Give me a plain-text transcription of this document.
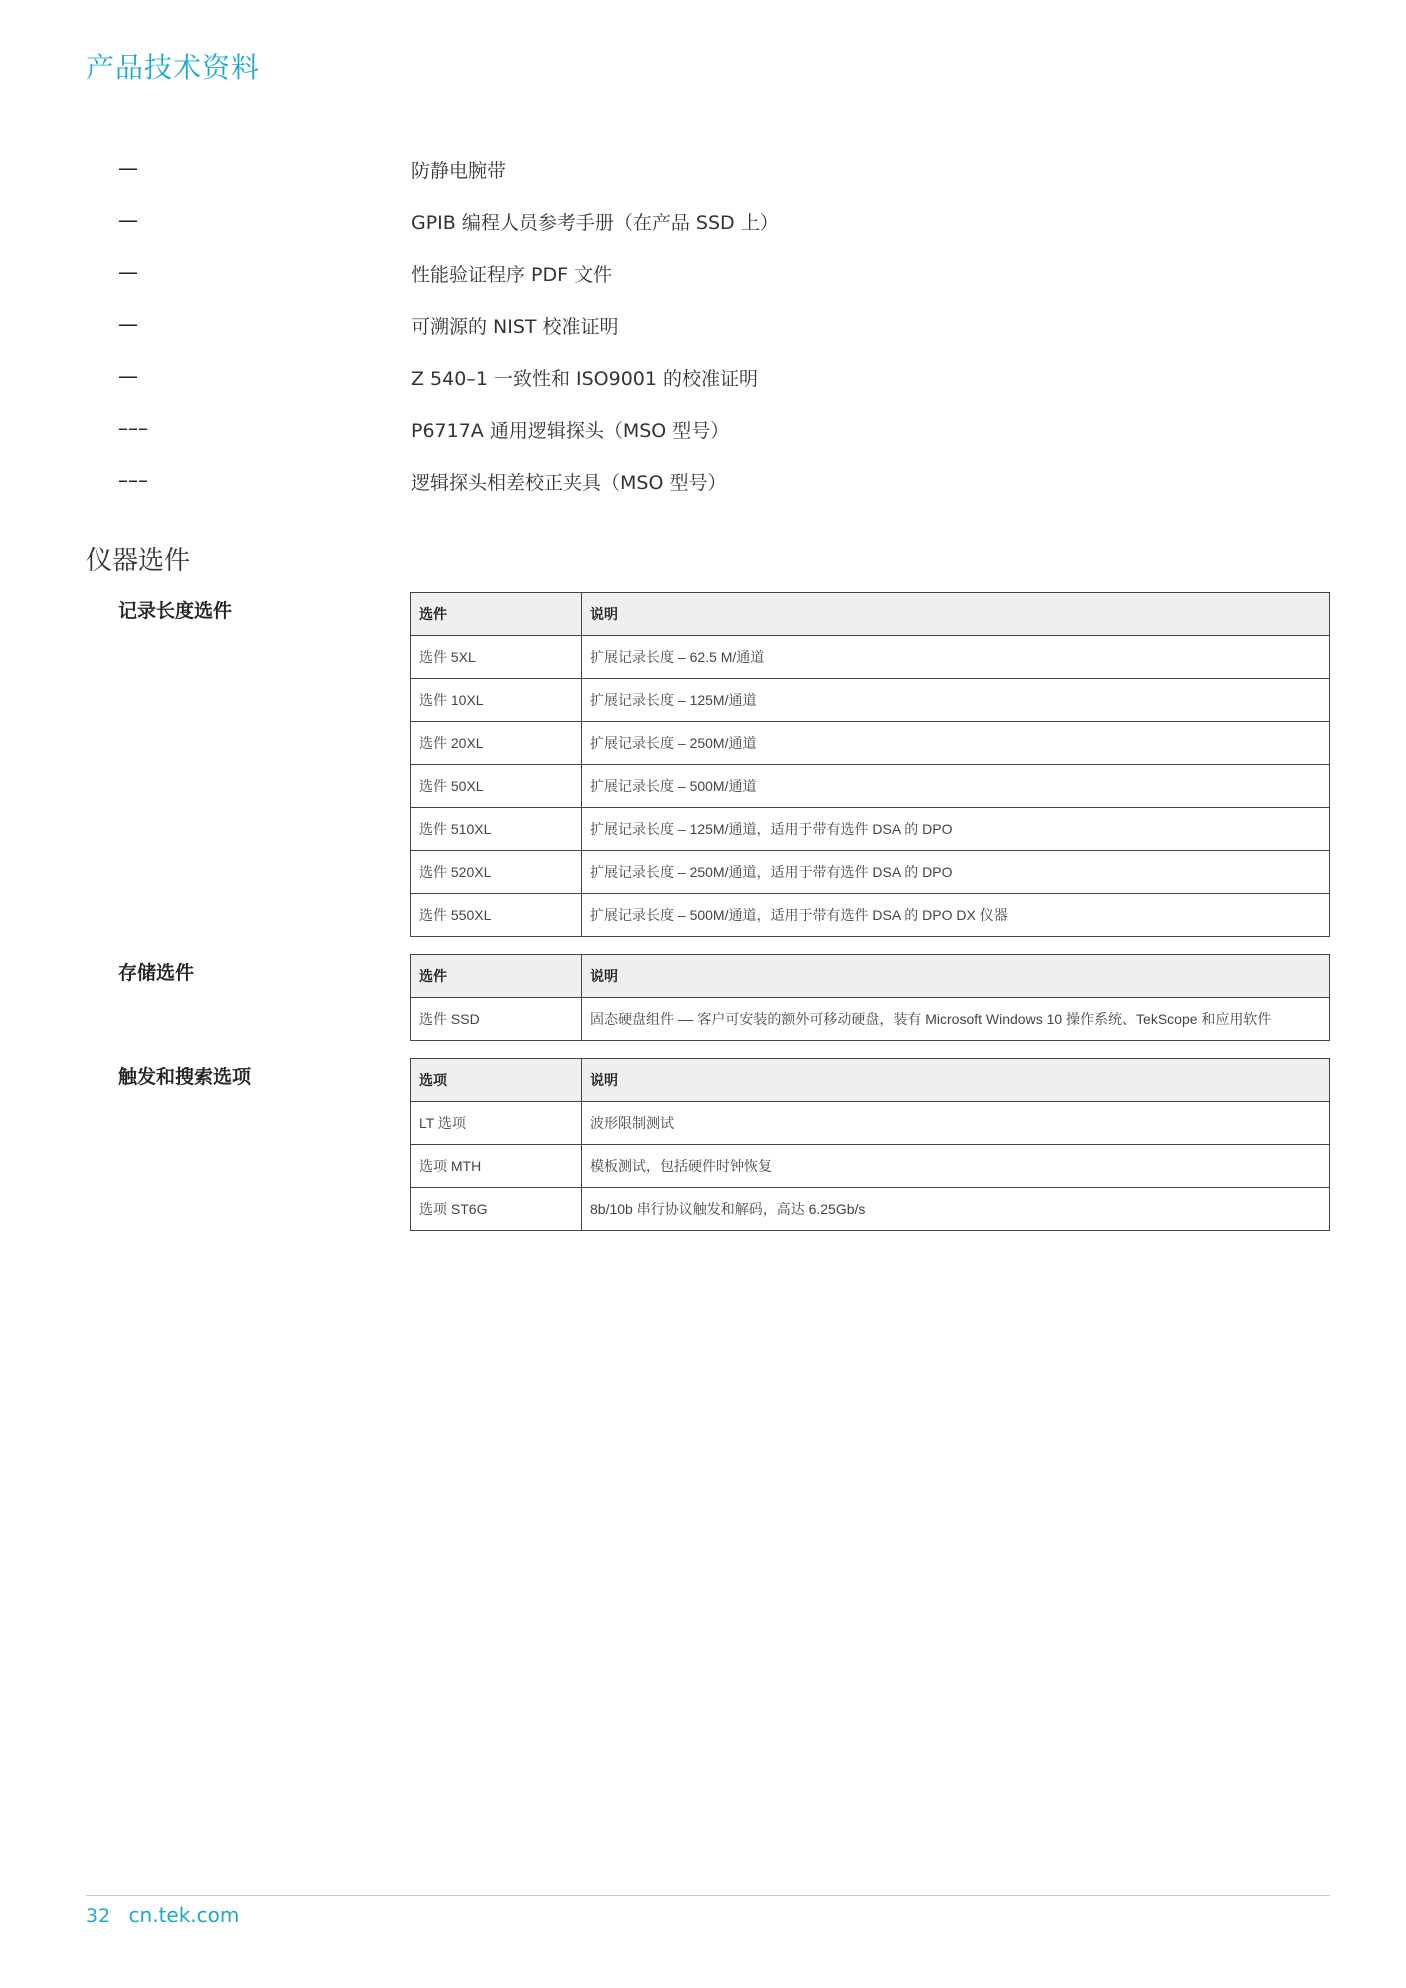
产品技术资料
—	防静电腕带
—	GPIB 编程人员参考手册（在产品 SSD 上）
—	性能验证程序 PDF 文件
—	可溯源的 NIST 校准证明
—	Z 540–1 一致性和 ISO9001 的校准证明
–––	P6717A 通用逻辑探头（MSO 型号）
–––	逻辑探头相差校正夹具（MSO 型号）
仪器选件
记录长度选件	选件	说明
选件 5XL	扩展记录长度 – 62.5 M/通道
选件 10XL	扩展记录长度 – 125M/通道
选件 20XL	扩展记录长度 – 250M/通道
选件 50XL	扩展记录长度 – 500M/通道
选件 510XL	扩展记录长度 – 125M/通道，适用于带有选件 DSA 的 DPO
选件 520XL	扩展记录长度 – 250M/通道，适用于带有选件 DSA 的 DPO
选件 550XL	扩展记录长度 – 500M/通道，适用于带有选件 DSA 的 DPO DX 仪器
存储选件	选件	说明
选件 SSD	固态硬盘组件 –– 客户可安装的额外可移动硬盘，装有 Microsoft Windows 10 操作系统、TekScope 和应用软件
触发和搜索选项	选项	说明
LT 选项	波形限制测试
选项 MTH	模板测试，包括硬件时钟恢复
选项 ST6G	8b/10b 串行协议触发和解码，高达 6.25Gb/s
32 cn.tek.com
